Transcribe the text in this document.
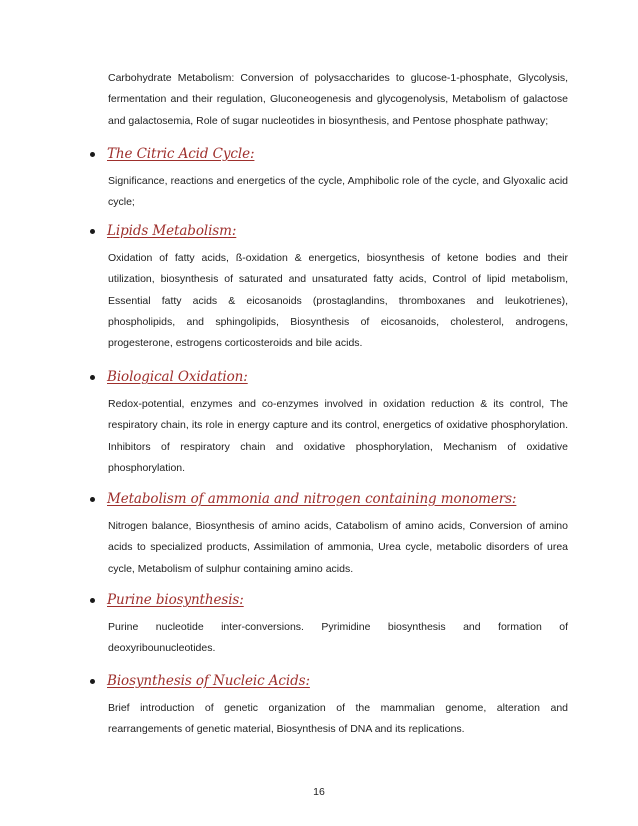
Carbohydrate Metabolism: Conversion of polysaccharides to glucose-1-phosphate, Glycolysis, fermentation and their regulation, Gluconeogenesis and glycogenolysis, Metabolism of galactose and galactosemia, Role of sugar nucleotides in biosynthesis, and Pentose phosphate pathway;

The Citric Acid Cycle:

Significance, reactions and energetics of the cycle, Amphibolic role of the cycle, and Glyoxalic acid cycle;

Lipids Metabolism:

Oxidation of fatty acids, ß-oxidation & energetics, biosynthesis of ketone bodies and their utilization, biosynthesis of saturated and unsaturated fatty acids, Control of lipid metabolism, Essential fatty acids & eicosanoids (prostaglandins, thromboxanes and leukotrienes), phospholipids, and sphingolipids, Biosynthesis of eicosanoids, cholesterol, androgens, progesterone, estrogens corticosteroids and bile acids.

Biological Oxidation:

Redox-potential, enzymes and co-enzymes involved in oxidation reduction & its control, The respiratory chain, its role in energy capture and its control, energetics of oxidative phosphorylation. Inhibitors of respiratory chain and oxidative phosphorylation, Mechanism of oxidative phosphorylation.

Metabolism of ammonia and nitrogen containing monomers:

Nitrogen balance, Biosynthesis of amino acids, Catabolism of amino acids, Conversion of amino acids to specialized products, Assimilation of ammonia, Urea cycle, metabolic disorders of urea cycle, Metabolism of sulphur containing amino acids.

Purine biosynthesis:

Purine nucleotide inter-conversions. Pyrimidine biosynthesis and formation of deoxyribounucleotides.

Biosynthesis of Nucleic Acids:

Brief introduction of genetic organization of the mammalian genome, alteration and rearrangements of genetic material, Biosynthesis of DNA and its replications.

16
